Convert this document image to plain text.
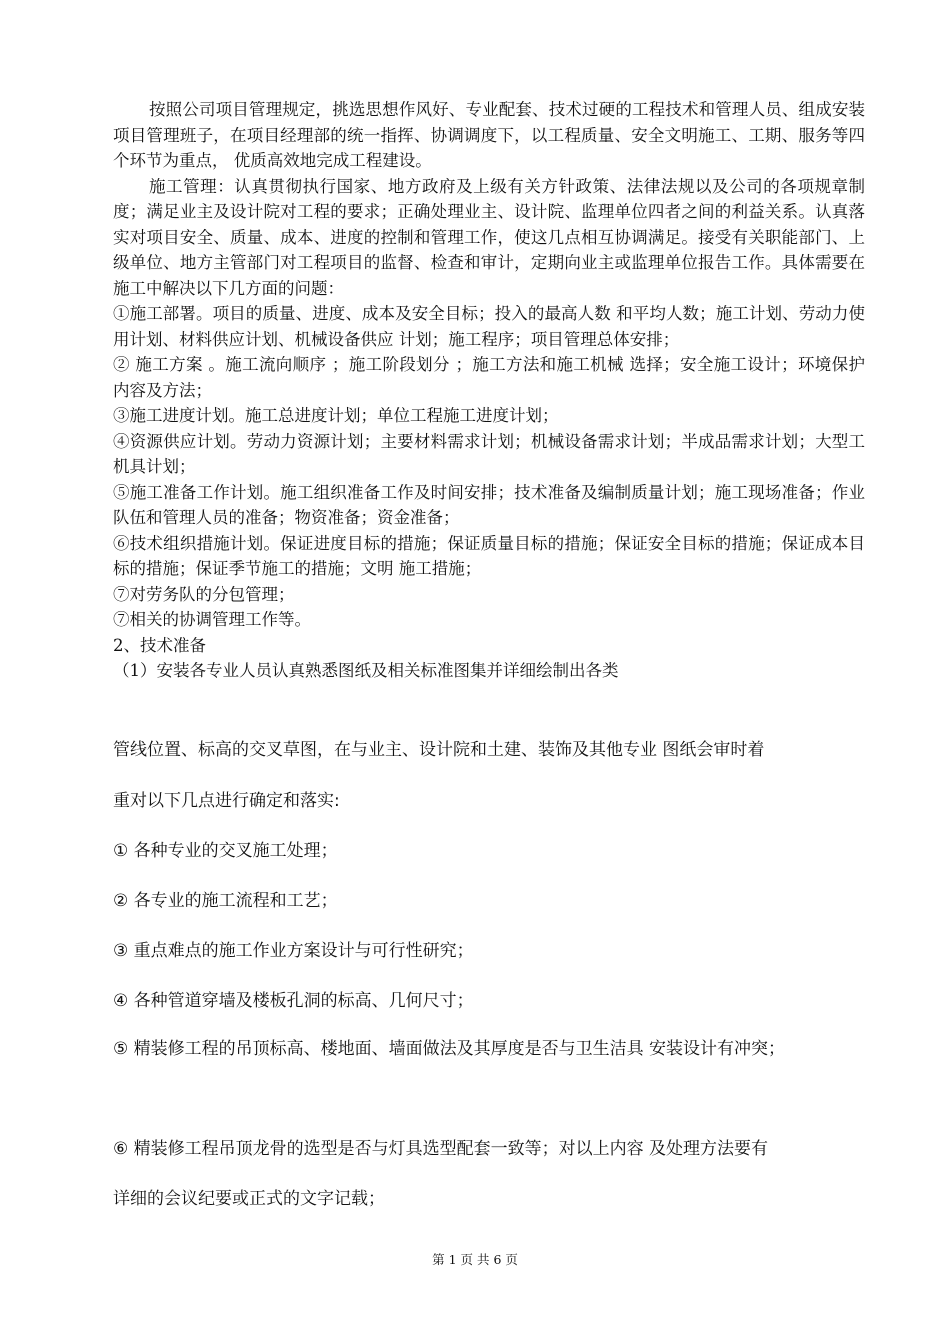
按照公司项目管理规定，挑选思想作风好、专业配套、技术过硬的工程技术和管理人员、组成安装项目管理班子，在项目经理部的统一指挥、协调调度下，以工程质量、安全文明施工、工期、服务等四个环节为重点， 优质高效地完成工程建设。

施工管理：认真贯彻执行国家、地方政府及上级有关方针政策、法律法规以及公司的各项规章制度；满足业主及设计院对工程的要求；正确处理业主、设计院、监理单位四者之间的利益关系。认真落实对项目安全、质量、成本、进度的控制和管理工作，使这几点相互协调满足。接受有关职能部门、上级单位、地方主管部门对工程项目的监督、检查和审计，定期向业主或监理单位报告工作。具体需要在施工中解决以下几方面的问题：

①施工部署。项目的质量、进度、成本及安全目标；投入的最高人数 和平均人数；施工计划、劳动力使用计划、材料供应计划、机械设备供应 计划；施工程序；项目管理总体安排；

② 施工方案 。施工流向顺序 ；施工阶段划分 ；施工方法和施工机械 选择；安全施工设计；环境保护内容及方法；

③施工进度计划。施工总进度计划；单位工程施工进度计划；

④资源供应计划。劳动力资源计划；主要材料需求计划；机械设备需求计划；半成品需求计划；大型工机具计划；

⑤施工准备工作计划。施工组织准备工作及时间安排；技术准备及编制质量计划；施工现场准备；作业队伍和管理人员的准备；物资准备；资金准备；

⑥技术组织措施计划。保证进度目标的措施；保证质量目标的措施；保证安全目标的措施；保证成本目标的措施；保证季节施工的措施；文明 施工措施；

⑦对劳务队的分包管理；

⑦相关的协调管理工作等。

2、技术准备

（1）安装各专业人员认真熟悉图纸及相关标准图集并详细绘制出各类

管线位置、标高的交叉草图，在与业主、设计院和土建、装饰及其他专业 图纸会审时着

重对以下几点进行确定和落实:

① 各种专业的交叉施工处理；

② 各专业的施工流程和工艺；

③ 重点难点的施工作业方案设计与可行性研究；

④ 各种管道穿墙及楼板孔洞的标高、几何尺寸；

⑤ 精装修工程的吊顶标高、楼地面、墙面做法及其厚度是否与卫生洁具 安装设计有冲突；

⑥ 精装修工程吊顶龙骨的选型是否与灯具选型配套一致等；对以上内容 及处理方法要有

详细的会议纪要或正式的文字记载；

第 1 页 共 6 页
